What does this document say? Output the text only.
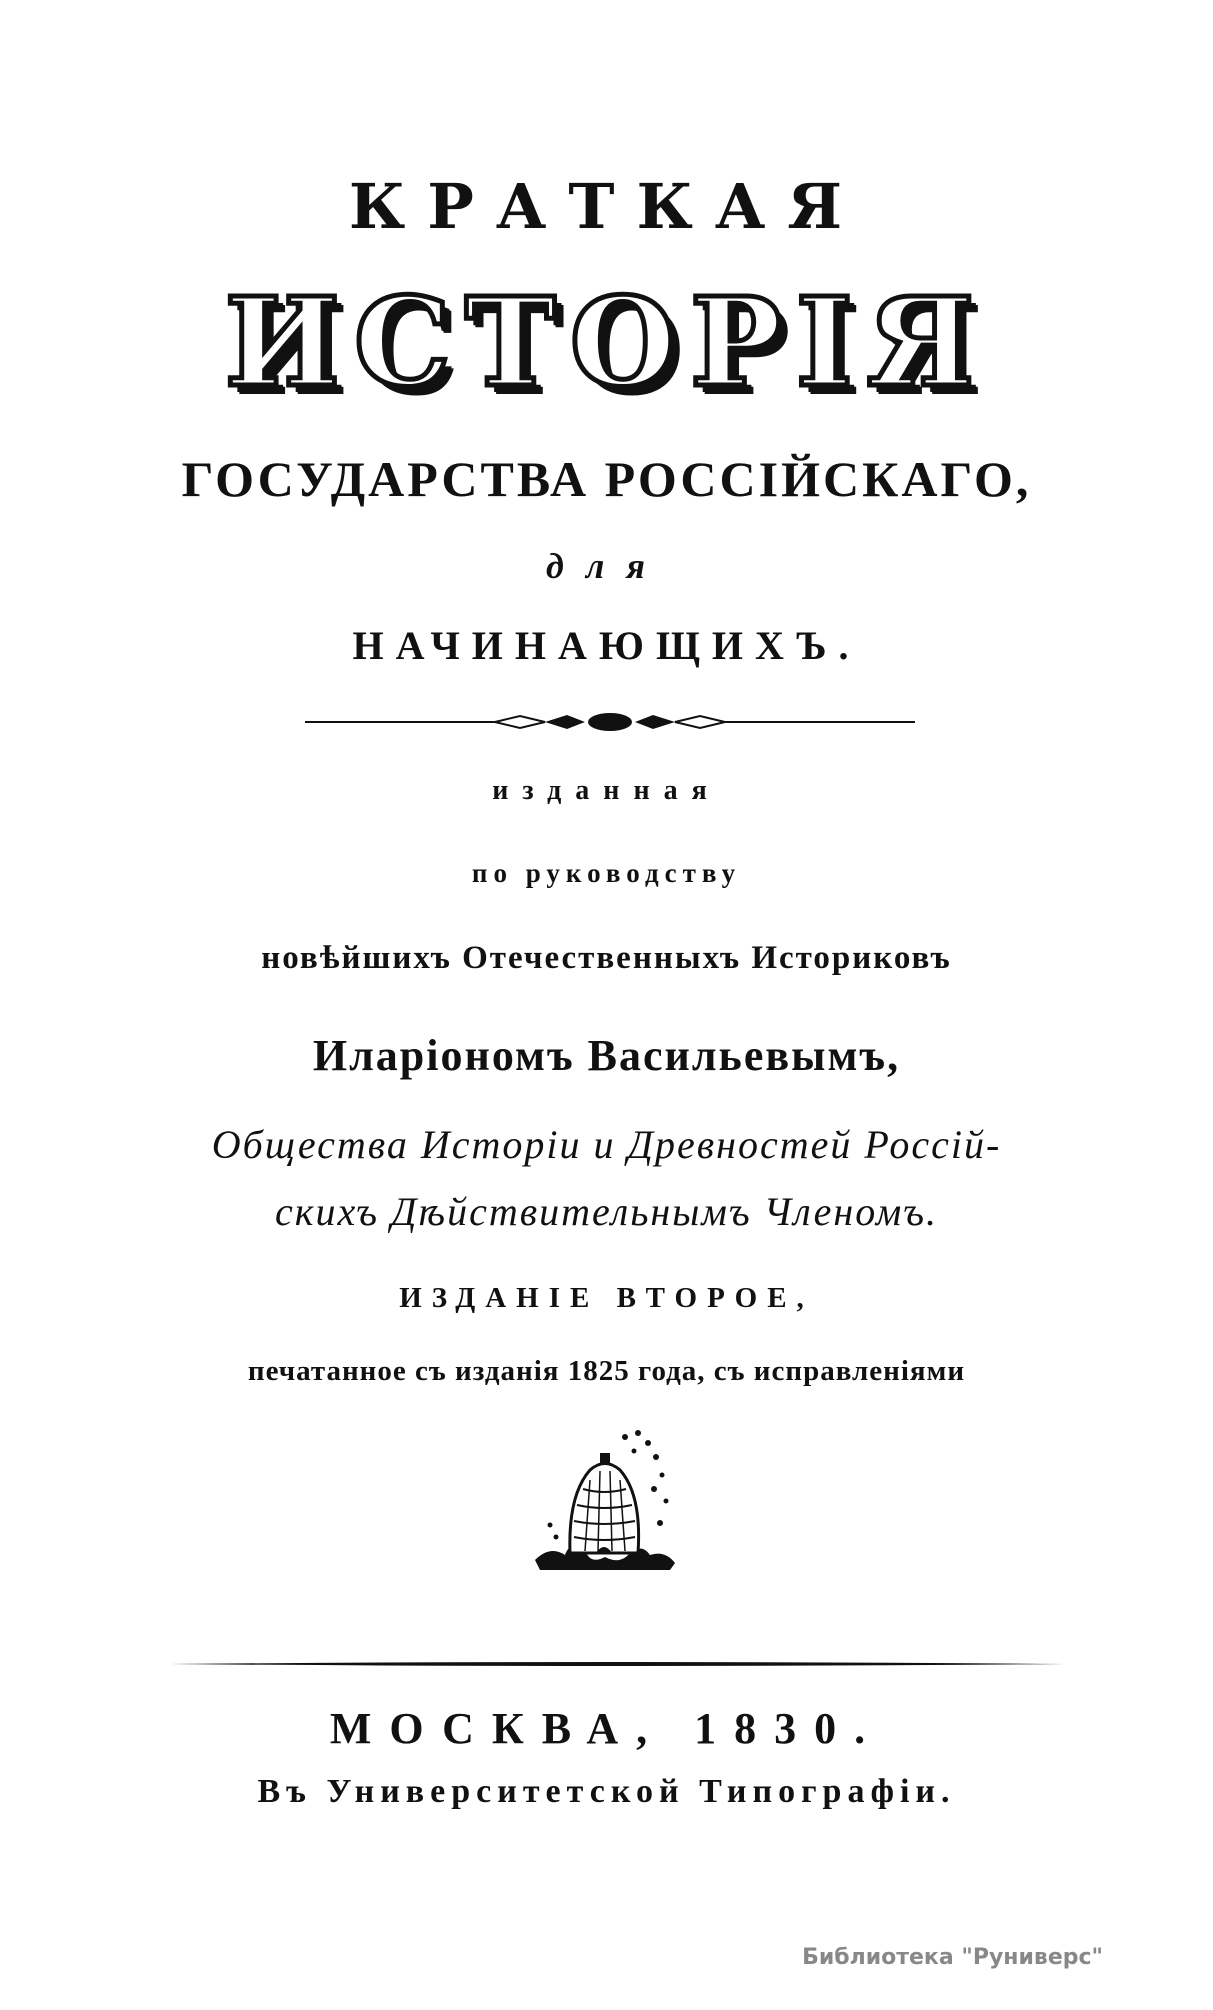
КРАТКАЯ
ИСТОРIЯ
ГОСУДАРСТВА РОССIЙСКАГО,
для
НАЧИНАЮЩИХЪ.
изданная
по руководству
новѣйшихъ Отечественныхъ Историковъ
Иларiономъ Васильевымъ,
Общества Исторiи и Древностей Россiй-
скихъ Дѣйствительнымъ Членомъ.
ИЗДАНIЕ ВТОРОЕ,
печатанное съ изданiя 1825 года, съ исправленiями
МОСКВА, 1830.
Въ Университетской Типографiи.
Библиотека "Руниверс"
